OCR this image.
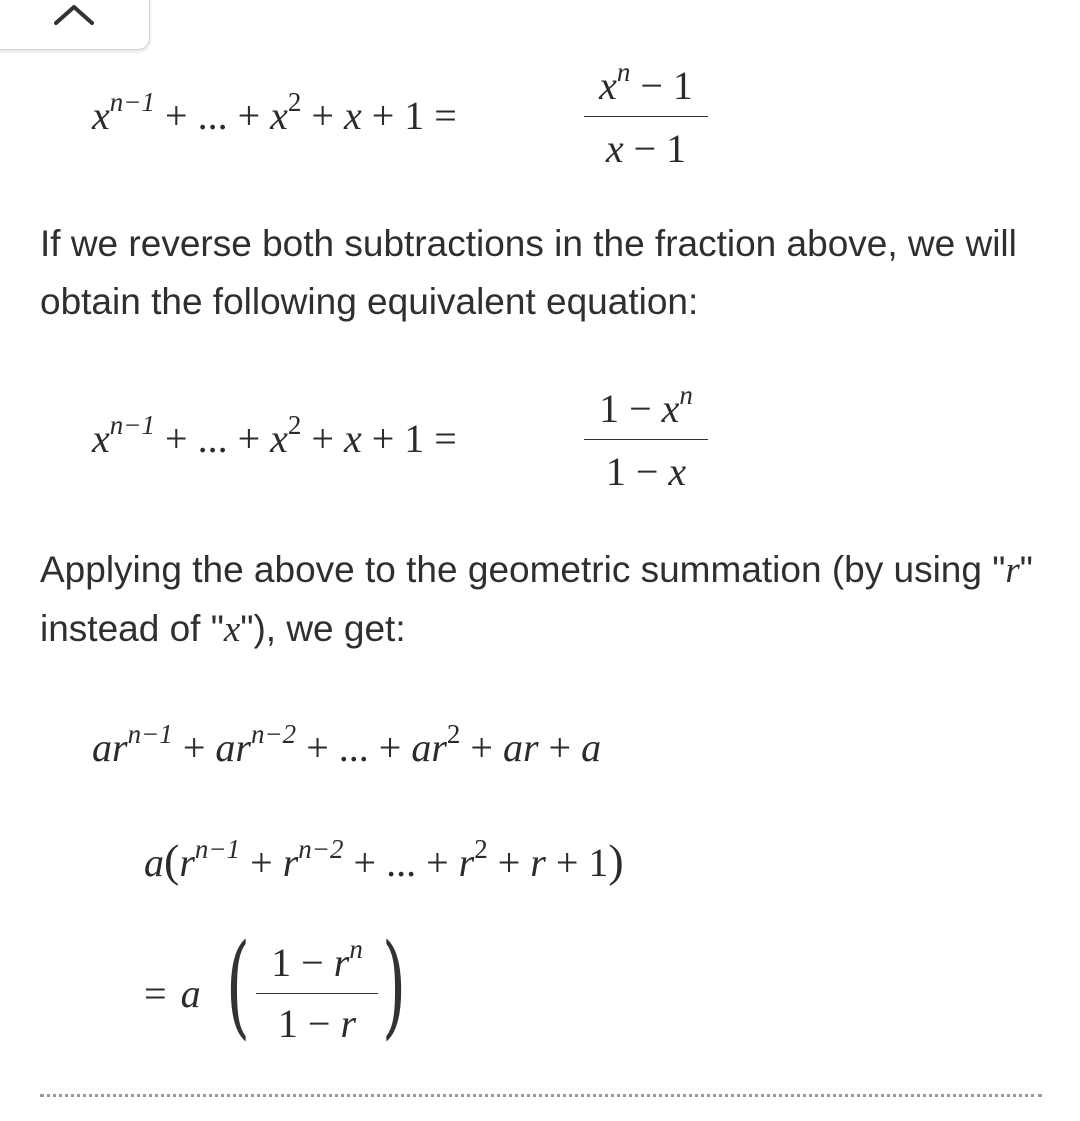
$x^{n-1}$ + ... + $x^2 + x + 1$ =
$x^n - 1$
x − 1

If we reverse both subtractions in the fraction above, we will obtain the following equivalent equation:

$x^{n-1}$ + ... + $x^2 + x + 1$ =
$1 - x^n$
1 − x

Applying the above to the geometric summation (by using "r" instead of "x"), we get:

$ar^{n-1} + ar^{n-2}$ + ... + $ar^2$ + ar + a
$a(r^{n-1} + r^{n-2}$ + ... + $r^2 + r + 1$)
= a ( $1 - r^n$
1 − r )
